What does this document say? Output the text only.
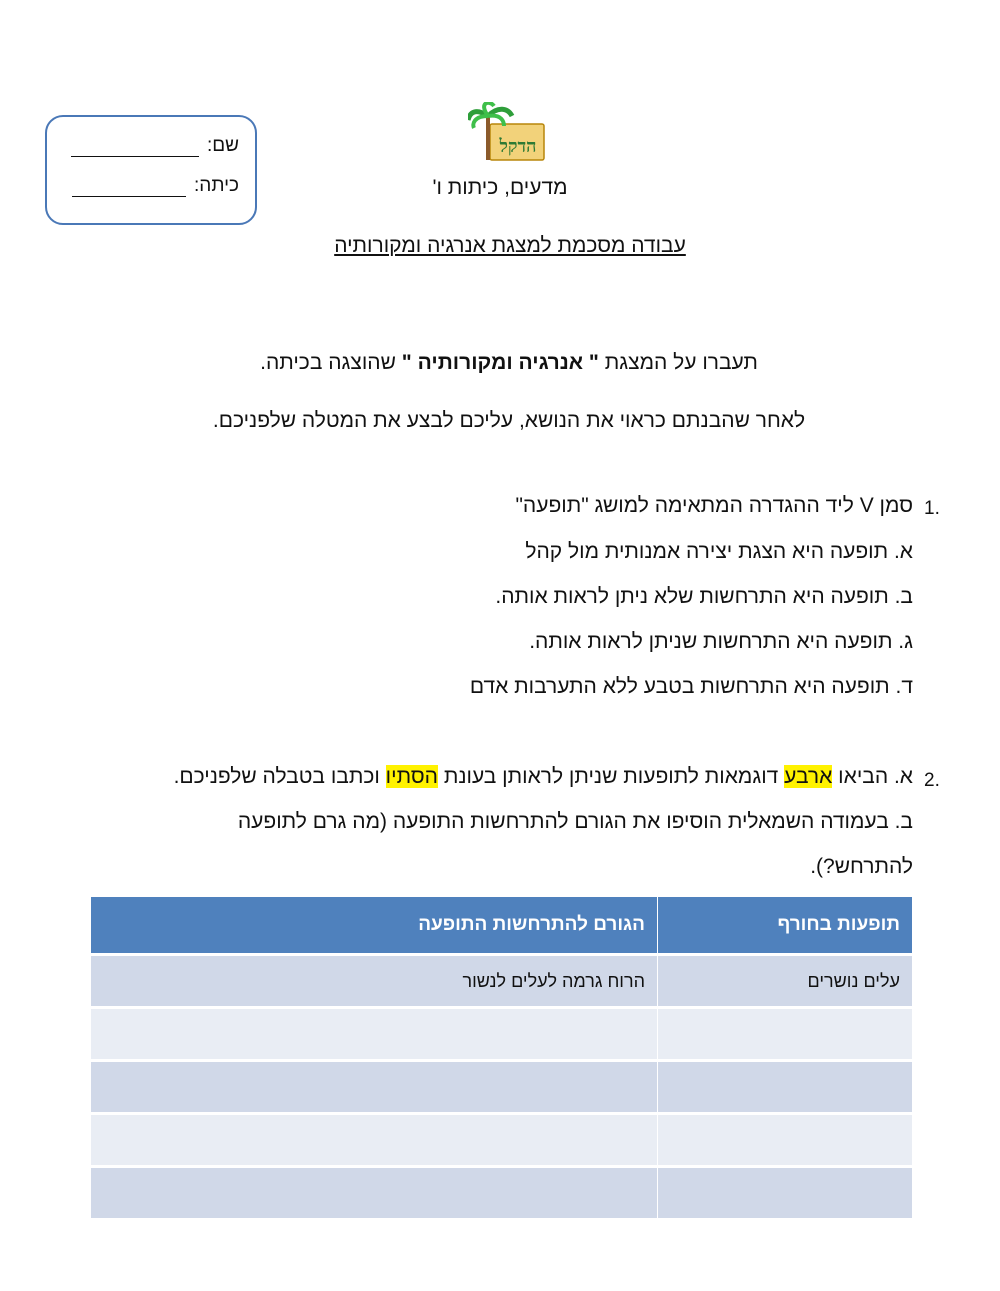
שם:
כיתה:
הדקל
מדעים, כיתות ו'
עבודה מסכמת למצגת אנרגיה ומקורותיה
תעברו על המצגת " אנרגיה ומקורותיה " שהוצגה בכיתה.
לאחר שהבנתם כראוי את הנושא, עליכם לבצע את המטלה שלפניכם.
1.
סמן V ליד ההגדרה המתאימה למושג "תופעה"
א. תופעה היא הצגת יצירה אמנותית מול קהל
ב. תופעה היא התרחשות שלא ניתן לראות אותה.
ג. תופעה היא התרחשות שניתן לראות אותה.
ד. תופעה היא התרחשות בטבע ללא התערבות אדם
2.
א. הביאו ארבע דוגמאות לתופעות שניתן לראותן בעונת הסתיו וכתבו בטבלה שלפניכם.
ב. בעמודה השמאלית הוסיפו את הגורם להתרחשות התופעה (מה גרם לתופעה
להתרחש?).
תופעות בחורף	הגורם להתרחשות התופעה
עלים נושרים	הרוח גרמה לעלים לנשור
